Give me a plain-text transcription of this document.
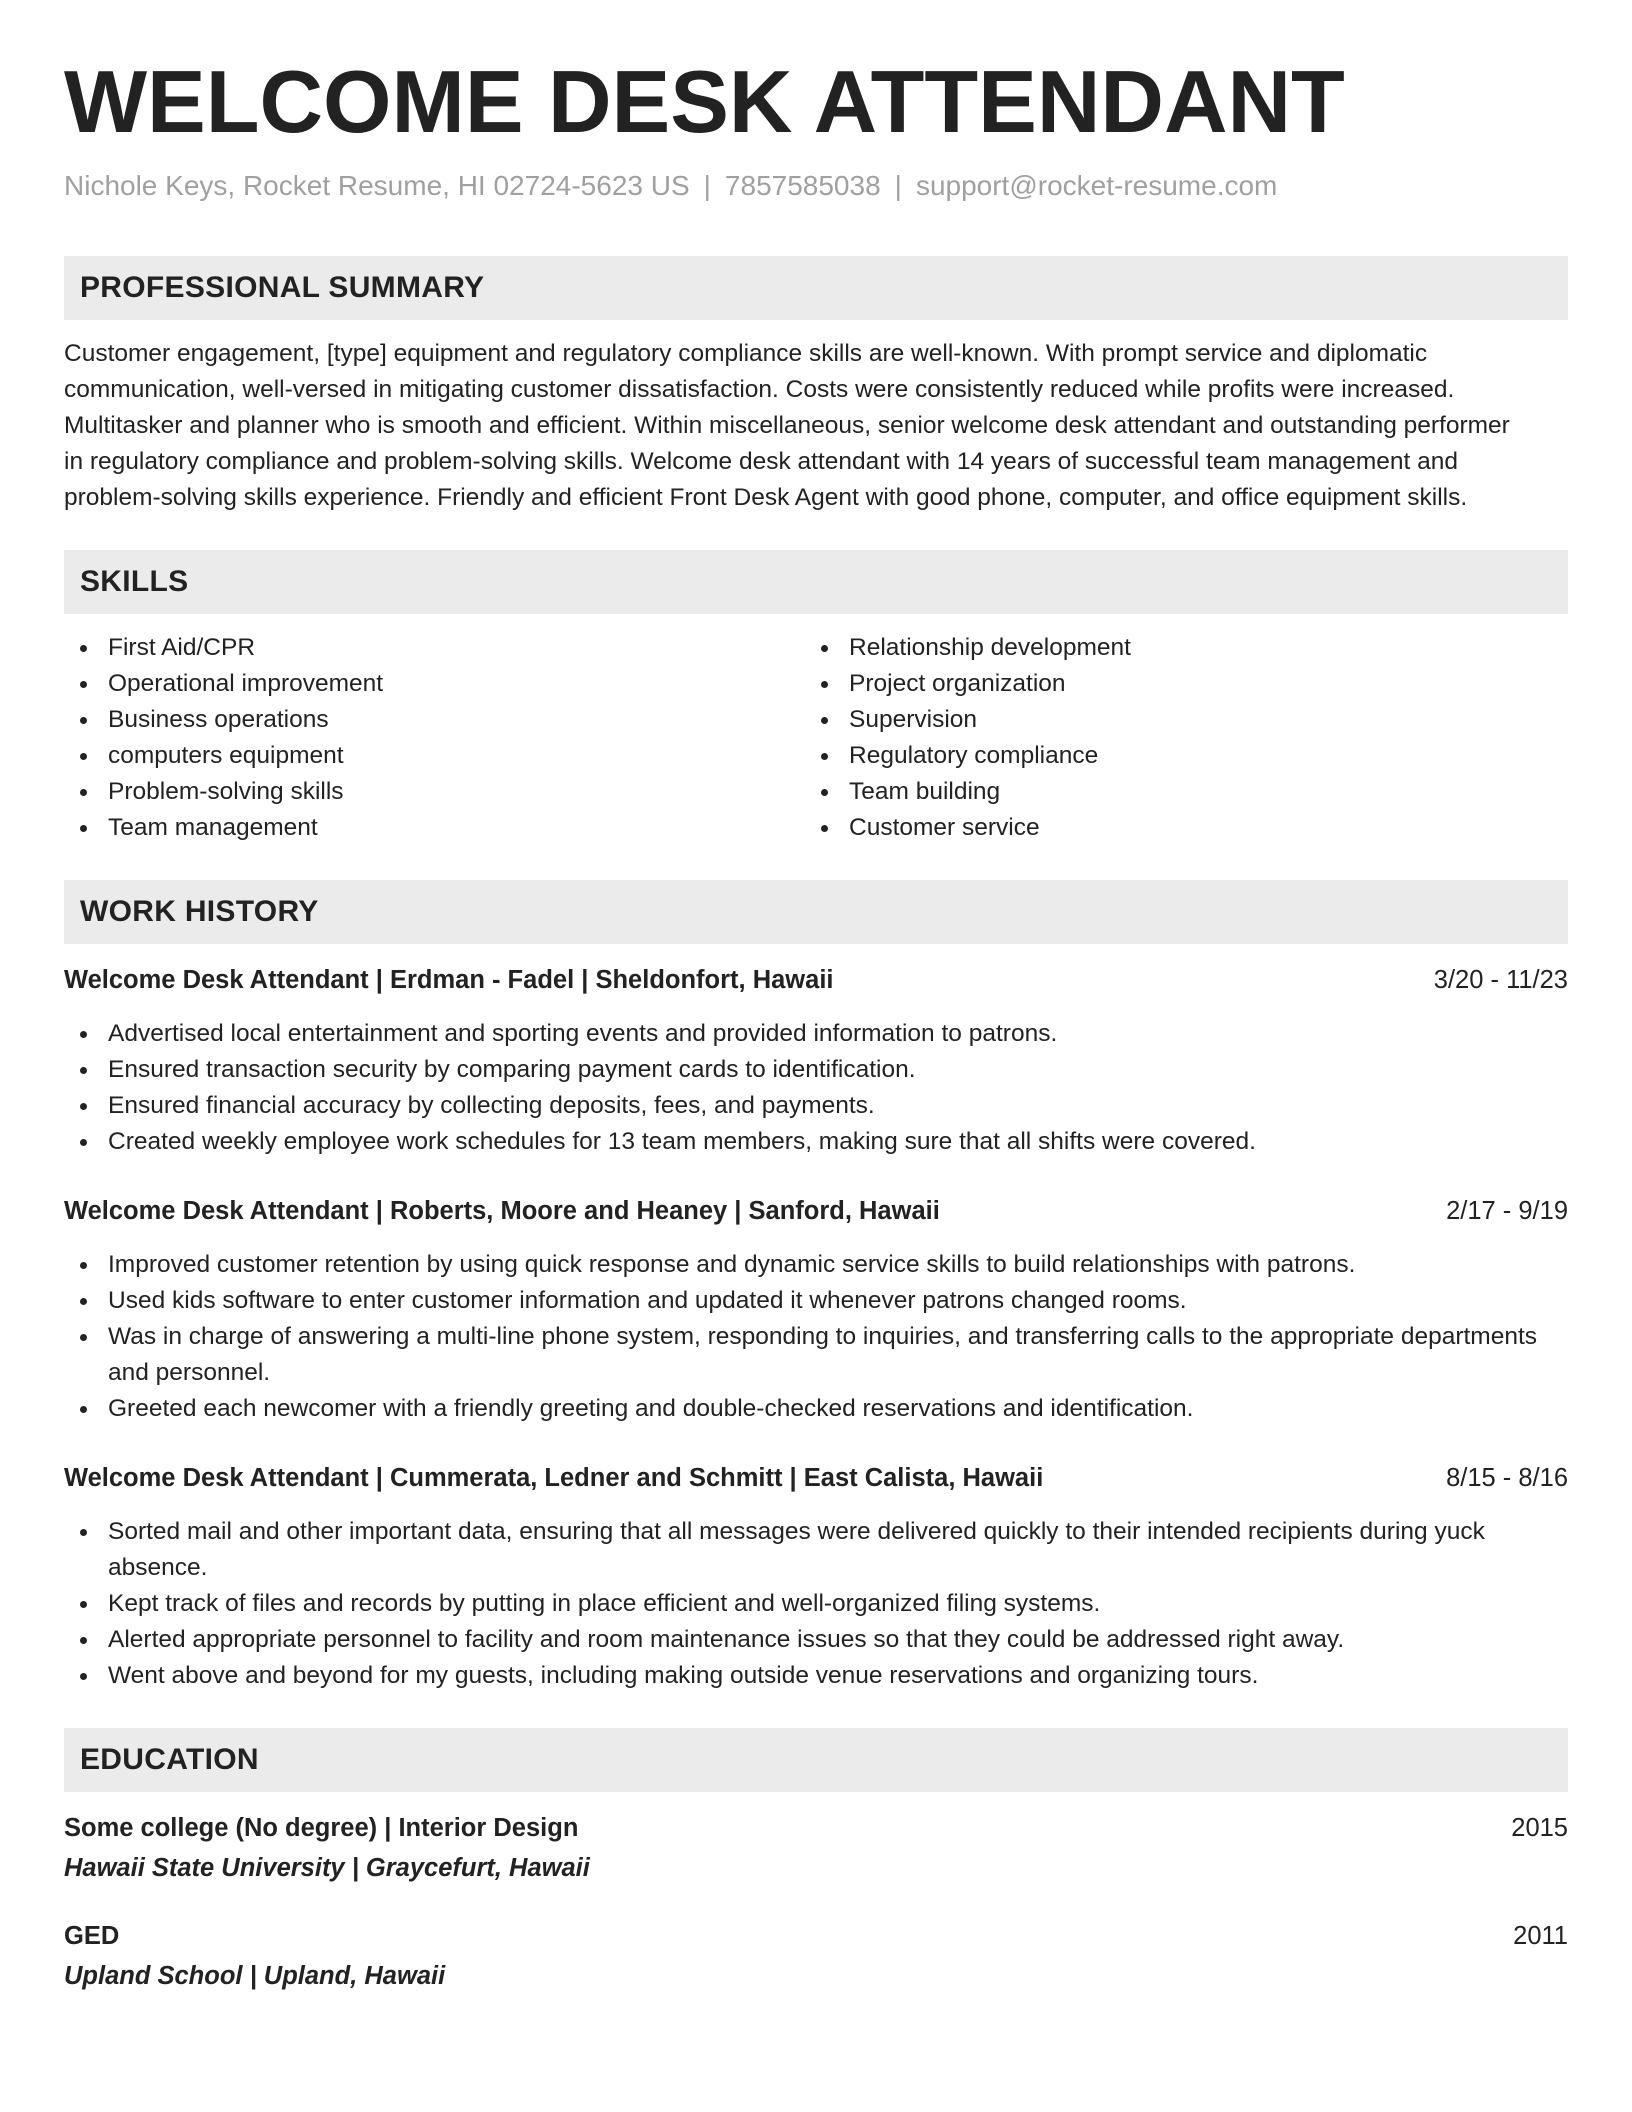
WELCOME DESK ATTENDANT
Nichole Keys, Rocket Resume, HI 02724-5623 US | 7857585038 | support@rocket-resume.com
PROFESSIONAL SUMMARY
Customer engagement, [type] equipment and regulatory compliance skills are well-known. With prompt service and diplomatic
communication, well-versed in mitigating customer dissatisfaction. Costs were consistently reduced while profits were increased.
Multitasker and planner who is smooth and efficient. Within miscellaneous, senior welcome desk attendant and outstanding performer
in regulatory compliance and problem-solving skills. Welcome desk attendant with 14 years of successful team management and
problem-solving skills experience. Friendly and efficient Front Desk Agent with good phone, computer, and office equipment skills.
SKILLS
First Aid/CPR
Operational improvement
Business operations
computers equipment
Problem-solving skills
Team management
Relationship development
Project organization
Supervision
Regulatory compliance
Team building
Customer service
WORK HISTORY
Welcome Desk Attendant | Erdman - Fadel | Sheldonfort, Hawaii	3/20 - 11/23
Advertised local entertainment and sporting events and provided information to patrons.
Ensured transaction security by comparing payment cards to identification.
Ensured financial accuracy by collecting deposits, fees, and payments.
Created weekly employee work schedules for 13 team members, making sure that all shifts were covered.
Welcome Desk Attendant | Roberts, Moore and Heaney | Sanford, Hawaii	2/17 - 9/19
Improved customer retention by using quick response and dynamic service skills to build relationships with patrons.
Used kids software to enter customer information and updated it whenever patrons changed rooms.
Was in charge of answering a multi-line phone system, responding to inquiries, and transferring calls to the appropriate departments and personnel.
Greeted each newcomer with a friendly greeting and double-checked reservations and identification.
Welcome Desk Attendant | Cummerata, Ledner and Schmitt | East Calista, Hawaii	8/15 - 8/16
Sorted mail and other important data, ensuring that all messages were delivered quickly to their intended recipients during yuck absence.
Kept track of files and records by putting in place efficient and well-organized filing systems.
Alerted appropriate personnel to facility and room maintenance issues so that they could be addressed right away.
Went above and beyond for my guests, including making outside venue reservations and organizing tours.
EDUCATION
Some college (No degree) | Interior Design	2015
Hawaii State University | Graycefurt, Hawaii
GED	2011
Upland School | Upland, Hawaii
